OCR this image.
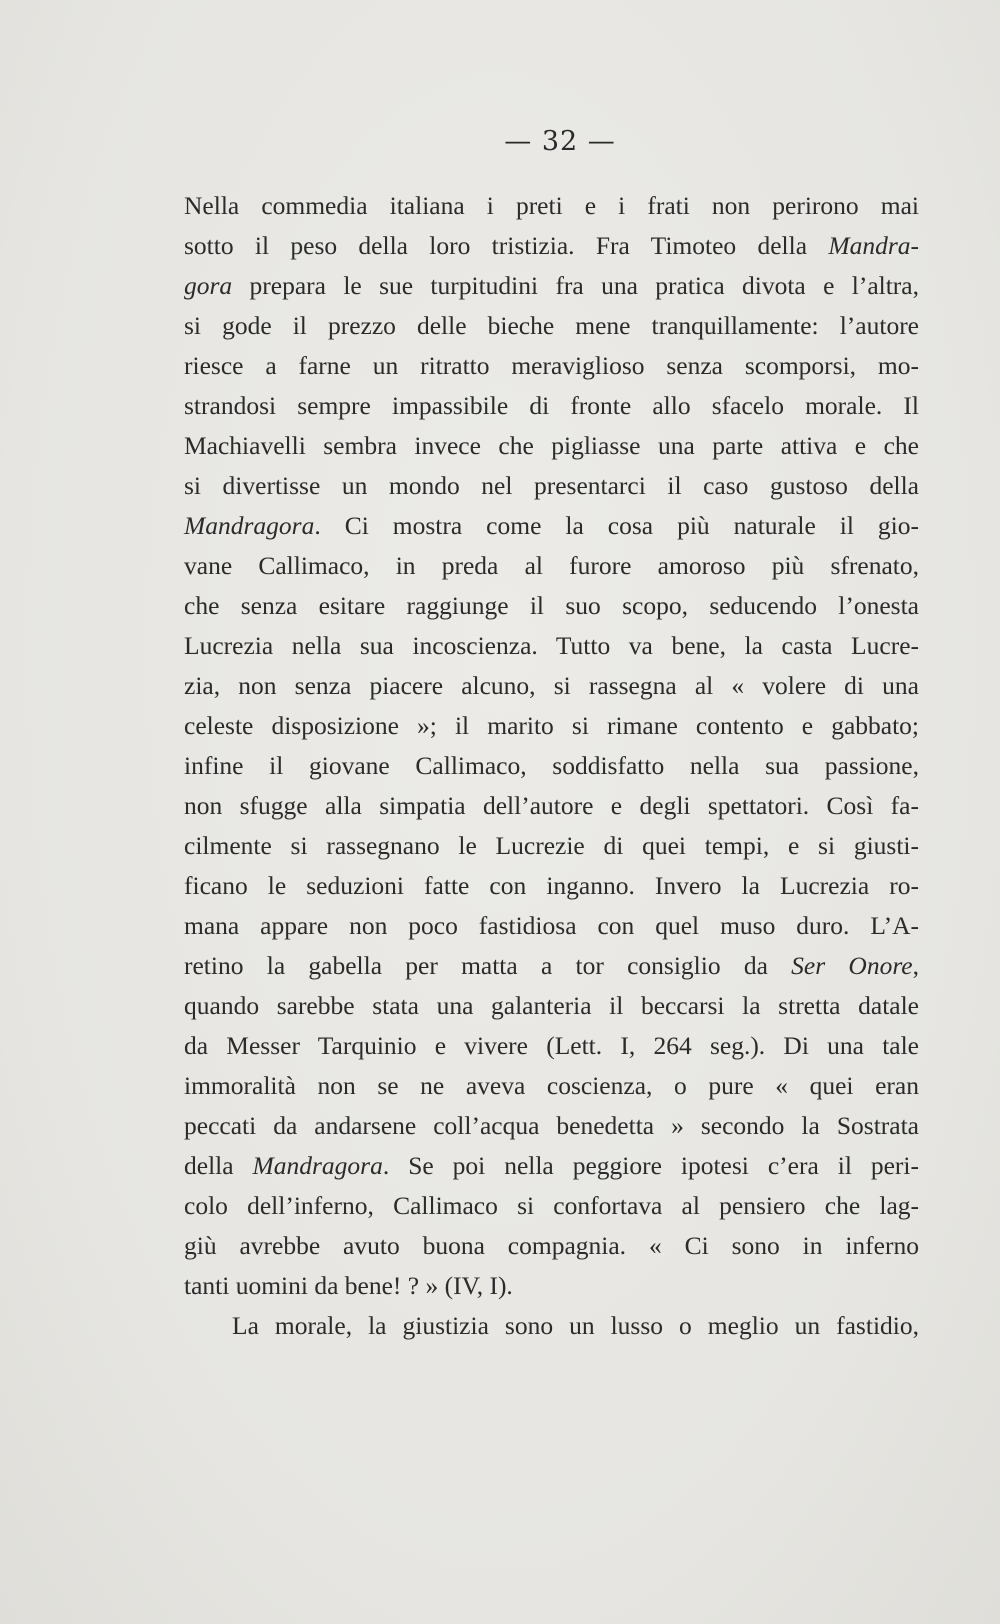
— 32 —
Nella commedia italiana i preti e i frati non perirono mai
sotto il peso della loro tristizia. Fra Timoteo della Mandra-
gora prepara le sue turpitudini fra una pratica divota e l’altra,
si gode il prezzo delle bieche mene tranquillamente: l’autore
riesce a farne un ritratto meraviglioso senza scomporsi, mo-
strandosi sempre impassibile di fronte allo sfacelo morale. Il
Machiavelli sembra invece che pigliasse una parte attiva e che
si divertisse un mondo nel presentarci il caso gustoso della
Mandragora. Ci mostra come la cosa più naturale il gio-
vane Callimaco, in preda al furore amoroso più sfrenato,
che senza esitare raggiunge il suo scopo, seducendo l’onesta
Lucrezia nella sua incoscienza. Tutto va bene, la casta Lucre-
zia, non senza piacere alcuno, si rassegna al « volere di una
celeste disposizione »; il marito si rimane contento e gabbato;
infine il giovane Callimaco, soddisfatto nella sua passione,
non sfugge alla simpatia dell’autore e degli spettatori. Così fa-
cilmente si rassegnano le Lucrezie di quei tempi, e si giusti-
ficano le seduzioni fatte con inganno. Invero la Lucrezia ro-
mana appare non poco fastidiosa con quel muso duro. L’A-
retino la gabella per matta a tor consiglio da Ser Onore,
quando sarebbe stata una galanteria il beccarsi la stretta datale
da Messer Tarquinio e vivere (Lett. I, 264 seg.). Di una tale
immoralità non se ne aveva coscienza, o pure « quei eran
peccati da andarsene coll’acqua benedetta » secondo la Sostrata
della Mandragora. Se poi nella peggiore ipotesi c’era il peri-
colo dell’inferno, Callimaco si confortava al pensiero che lag-
giù avrebbe avuto buona compagnia. « Ci sono in inferno
tanti uomini da bene! ? » (IV, I).
La morale, la giustizia sono un lusso o meglio un fastidio,
